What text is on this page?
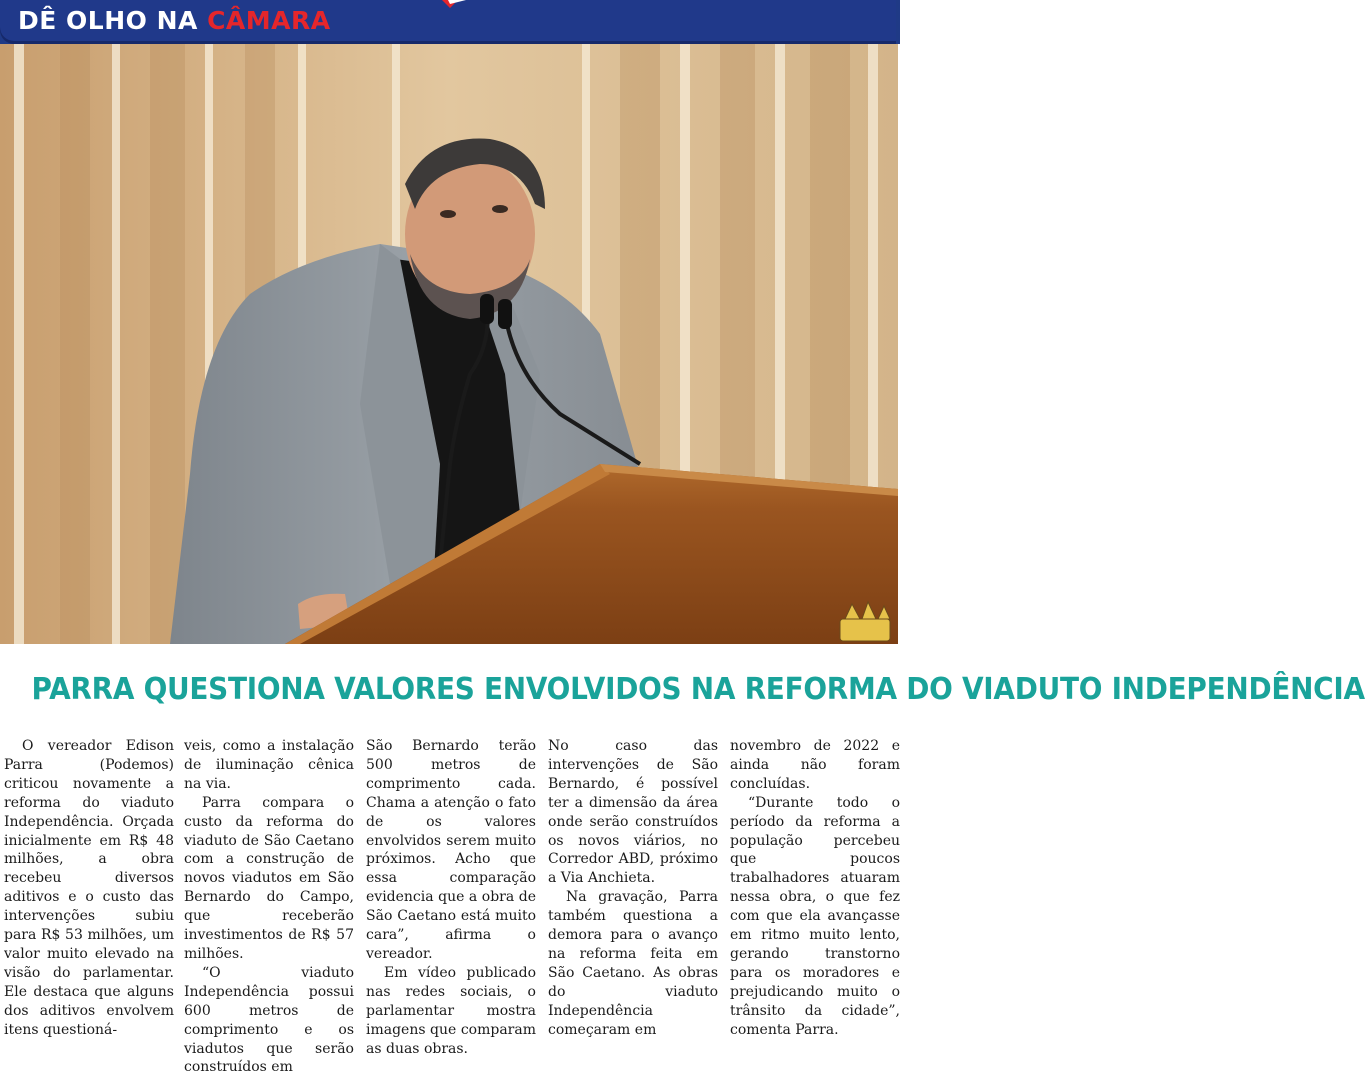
DÊ OLHO NA CÂMARA
PARRA QUESTIONA VALORES ENVOLVIDOS NA REFORMA DO VIADUTO INDEPENDÊNCIA

O vereador Edison Parra (Podemos) criticou novamente a reforma do viaduto Independência. Orçada inicialmente em R$ 48 milhões, a obra recebeu diversos aditivos e o custo das intervenções subiu para R$ 53 milhões, um valor muito elevado na visão do parlamentar. Ele destaca que alguns dos aditivos envolvem itens questioná-

veis, como a instalação de iluminação cênica na via.

Parra compara o custo da reforma do viaduto de São Caetano com a construção de novos viadutos em São Bernardo do Campo, que receberão investimentos de R$ 57 milhões.

“O viaduto Independência possui 600 metros de comprimento e os viadutos que serão construídos em

São Bernardo terão 500 metros de comprimento cada. Chama a atenção o fato de os valores envolvidos serem muito próximos. Acho que essa comparação evidencia que a obra de São Caetano está muito cara”, afirma o vereador.

Em vídeo publicado nas redes sociais, o parlamentar mostra imagens que comparam as duas obras.

No caso das intervenções de São Bernardo, é possível ter a dimensão da área onde serão construídos os novos viários, no Corredor ABD, próximo a Via Anchieta.

Na gravação, Parra também questiona a demora para o avanço na reforma feita em São Caetano. As obras do viaduto Independência começaram em

novembro de 2022 e ainda não foram concluídas.

“Durante todo o período da reforma a população percebeu que poucos trabalhadores atuaram nessa obra, o que fez com que ela avançasse em ritmo muito lento, gerando transtorno para os moradores e prejudicando muito o trânsito da cidade”, comenta Parra.
